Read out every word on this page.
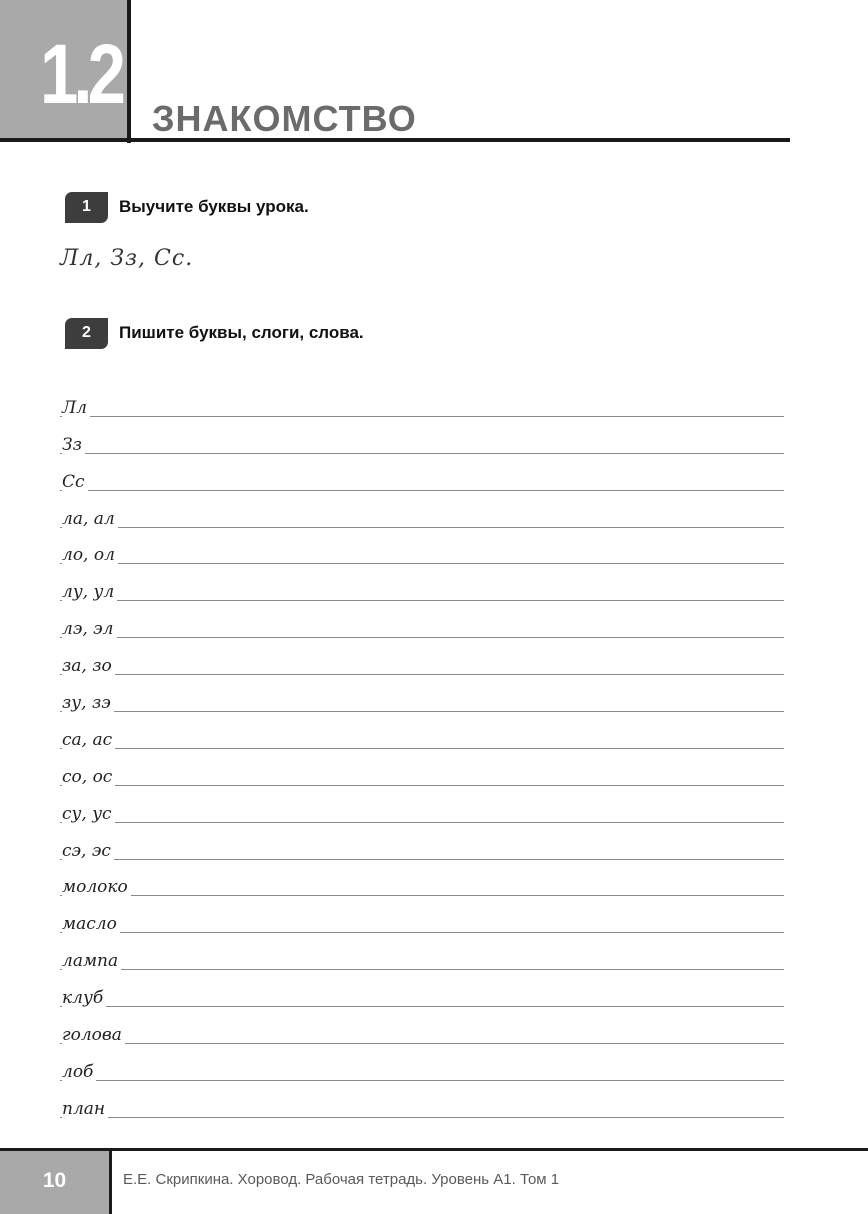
1.2 ЗНАКОМСТВО
1	Выучите буквы урока.
Лл, Зз, Сс.
2	Пишите буквы, слоги, слова.
Лл
Зз
Сс
ла, ал
ло, ол
лу, ул
лэ, эл
за, зо
зу, зэ
са, ас
со, ос
су, ус
сэ, эс
молоко
масло
лампа
клуб
голова
лоб
план
10	Е.Е. Скрипкина. Хоровод. Рабочая тетрадь. Уровень А1. Том 1
